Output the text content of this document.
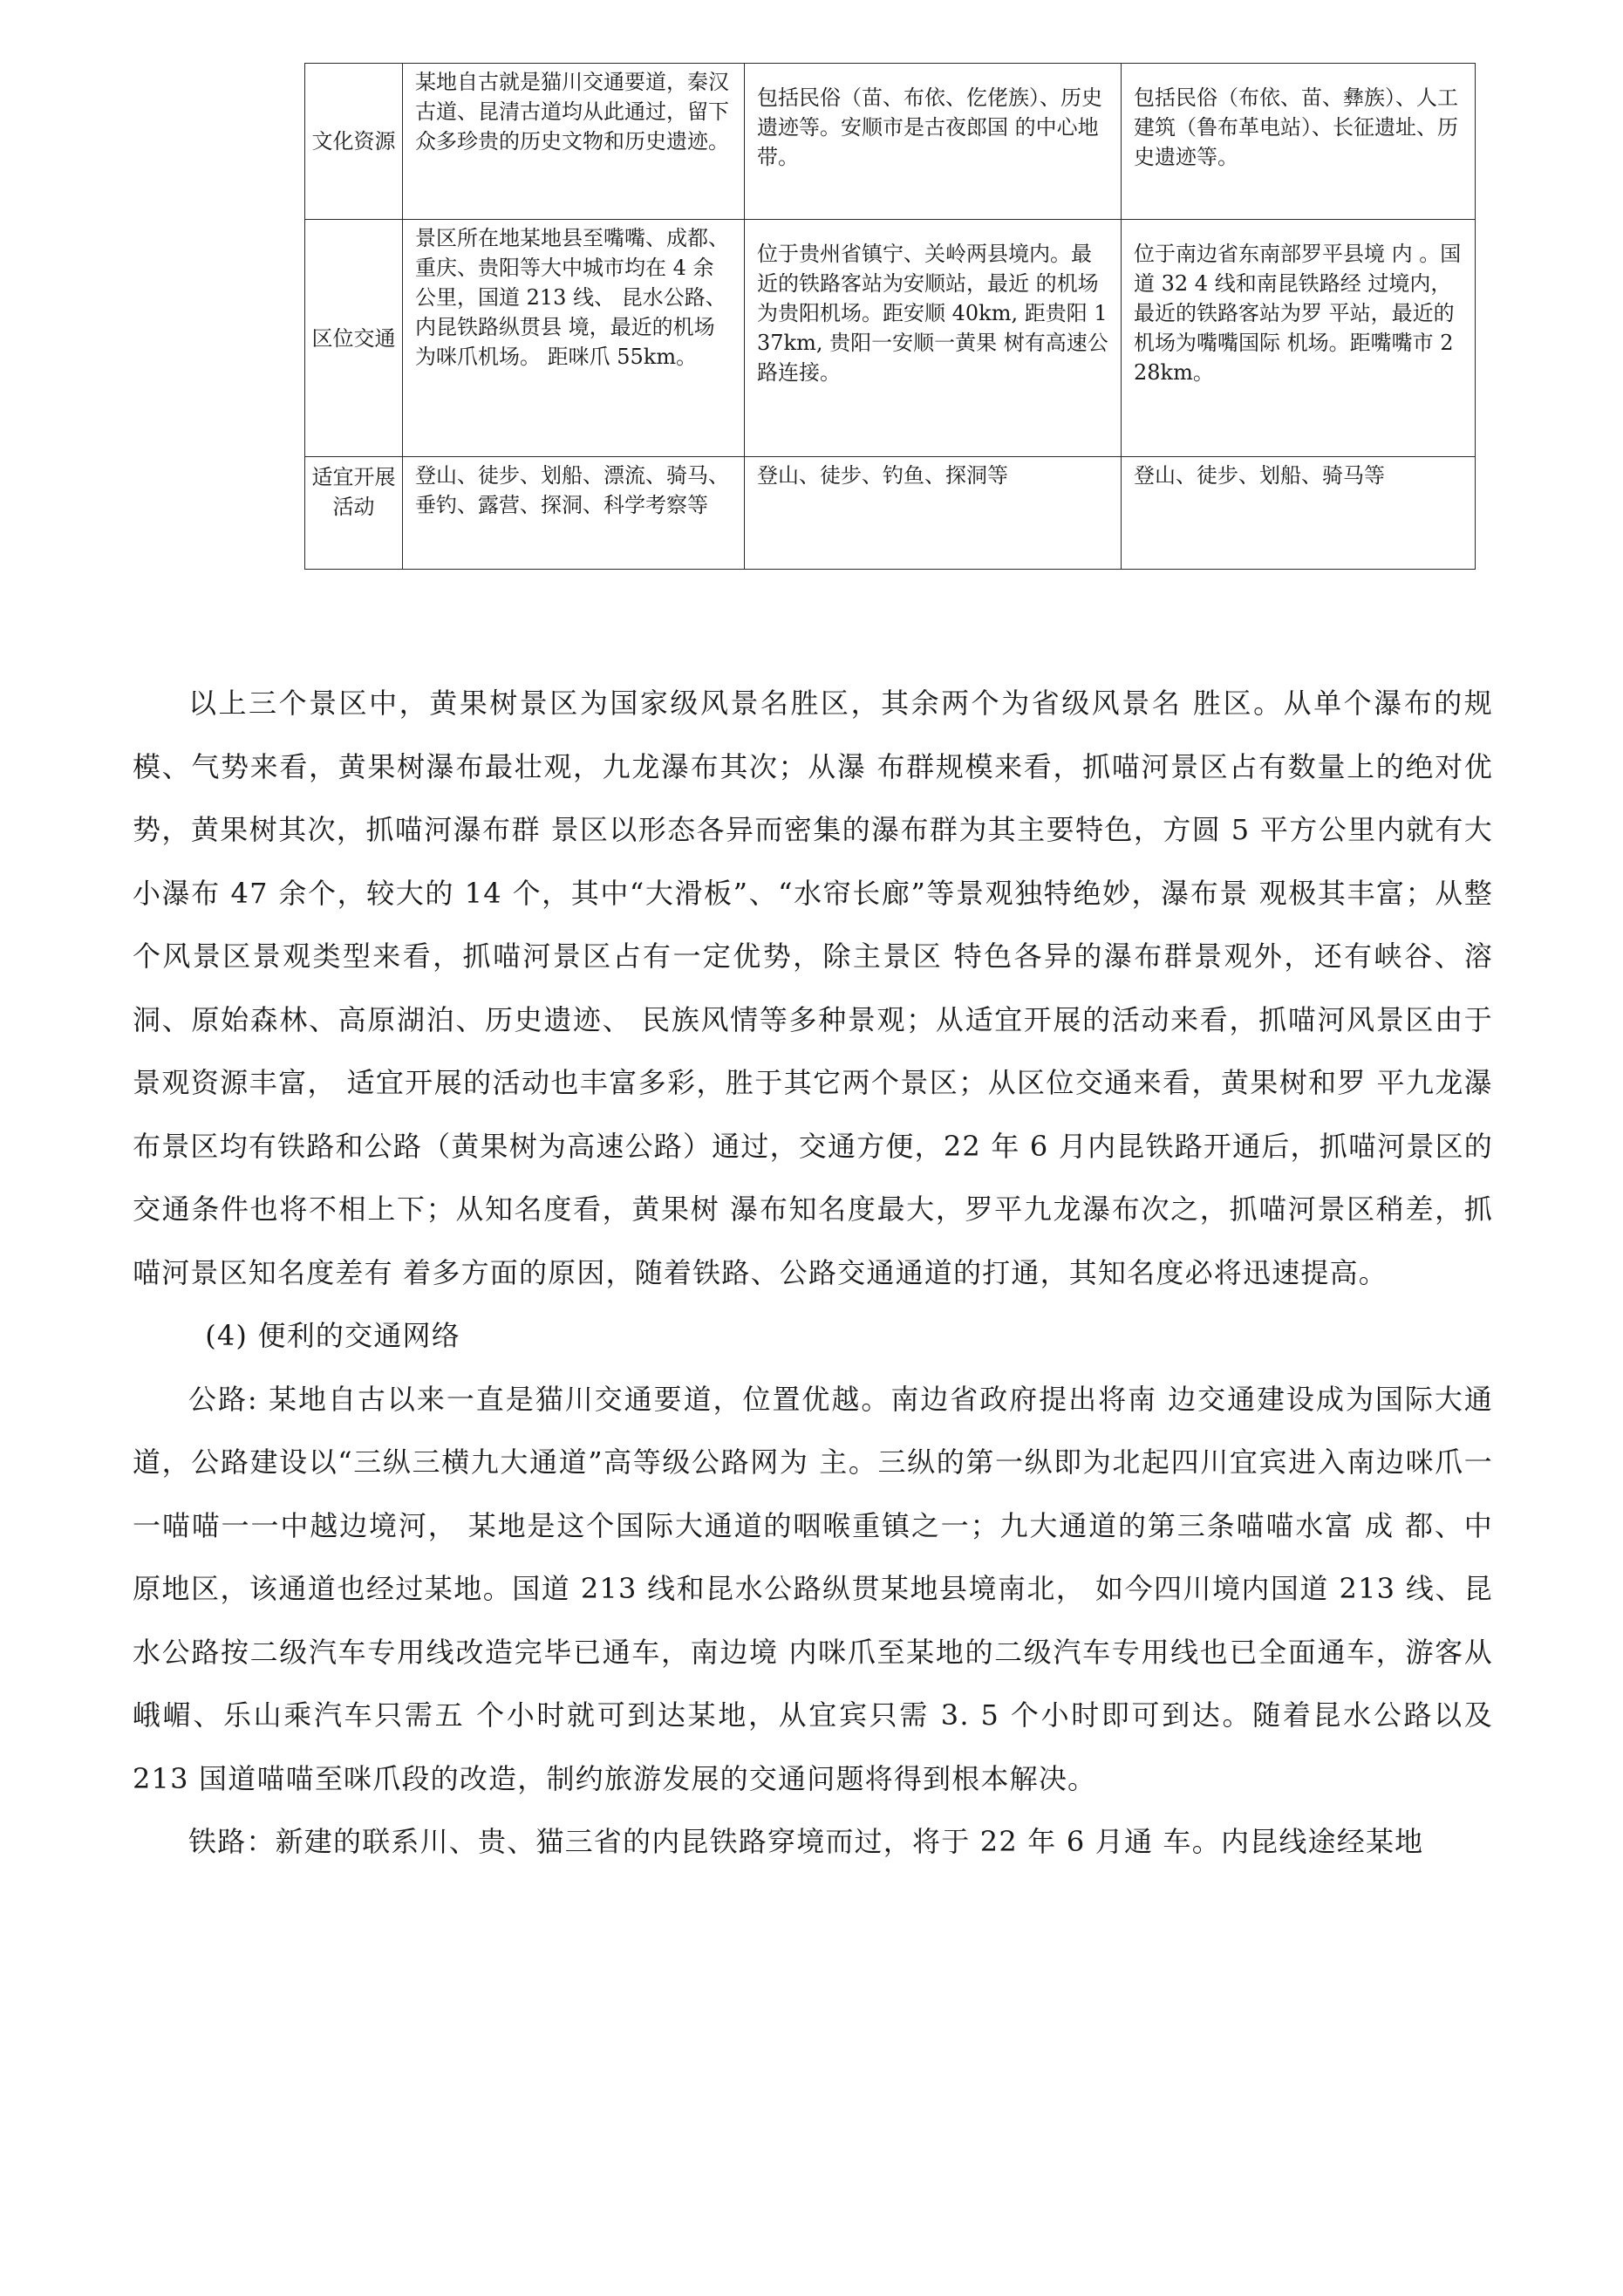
文化资源	某地自古就是猫川交通要道，秦汉古道、昆清古道均从此通过，留下众多珍贵的历史文物和历史遗迹。	包括民俗（苗、布依、仡佬族）、历史遗迹等。安顺市是古夜郎国 的中心地带。	包括民俗（布依、苗、彝族）、人工建筑（鲁布革电站）、长征遗址、历史遗迹等。
区位交通	景区所在地某地县至嘴嘴、成都、重庆、贵阳等大中城市均在 4 余公里，国道 213 线、 昆水公路、内昆铁路纵贯县 境，最近的机场为咪爪机场。 距咪爪 55km。	位于贵州省镇宁、关岭两县境内。最近的铁路客站为安顺站，最近 的机场为贵阳机场。距安顺 40km, 距贵阳 137km, 贵阳一安顺一黄果 树有高速公路连接。	位于南边省东南部罗平县境 内 。国道 32 4 线和南昆铁路经 过境内，最近的铁路客站为罗 平站，最近的机场为嘴嘴国际 机场。距嘴嘴市 228km。
适宜开展 活动	登山、徒步、划船、漂流、骑马、垂钓、露营、探洞、科学考察等	登山、徒步、钓鱼、探洞等	登山、徒步、划船、骑马等

以上三个景区中，黄果树景区为国家级风景名胜区，其余两个为省级风景名 胜区。从单个瀑布的规模、气势来看，黄果树瀑布最壮观，九龙瀑布其次；从瀑 布群规模来看，抓喵河景区占有数量上的绝对优势，黄果树其次，抓喵河瀑布群 景区以形态各异而密集的瀑布群为其主要特色，方圆 5 平方公里内就有大小瀑布 47 余个，较大的 14 个，其中“大滑板”、“水帘长廊”等景观独特绝妙，瀑布景 观极其丰富；从整个风景区景观类型来看，抓喵河景区占有一定优势，除主景区 特色各异的瀑布群景观外，还有峡谷、溶洞、原始森林、高原湖泊、历史遗迹、 民族风情等多种景观；从适宜开展的活动来看，抓喵河风景区由于景观资源丰富， 适宜开展的活动也丰富多彩，胜于其它两个景区；从区位交通来看，黄果树和罗 平九龙瀑布景区均有铁路和公路（黄果树为高速公路）通过，交通方便，22 年 6 月内昆铁路开通后，抓喵河景区的交通条件也将不相上下；从知名度看，黄果树 瀑布知名度最大，罗平九龙瀑布次之，抓喵河景区稍差，抓喵河景区知名度差有 着多方面的原因，随着铁路、公路交通通道的打通，其知名度必将迅速提高。

(4) 便利的交通网络

公路: 某地自古以来一直是猫川交通要道，位置优越。南边省政府提出将南 边交通建设成为国际大通道，公路建设以“三纵三横九大通道”高等级公路网为 主。三纵的第一纵即为北起四川宜宾进入南边咪爪一一喵喵一一中越边境河， 某地是这个国际大通道的咽喉重镇之一；九大通道的第三条喵喵水富 成 都、中原地区，该通道也经过某地。国道 213 线和昆水公路纵贯某地县境南北， 如今四川境内国道 213 线、昆水公路按二级汽车专用线改造完毕已通车，南边境 内咪爪至某地的二级汽车专用线也已全面通车，游客从峨嵋、乐山乘汽车只需五 个小时就可到达某地，从宜宾只需 3. 5 个小时即可到达。随着昆水公路以及 213 国道喵喵至咪爪段的改造，制约旅游发展的交通问题将得到根本解决。

铁路：新建的联系川、贵、猫三省的内昆铁路穿境而过，将于 22 年 6 月通 车。内昆线途经某地
